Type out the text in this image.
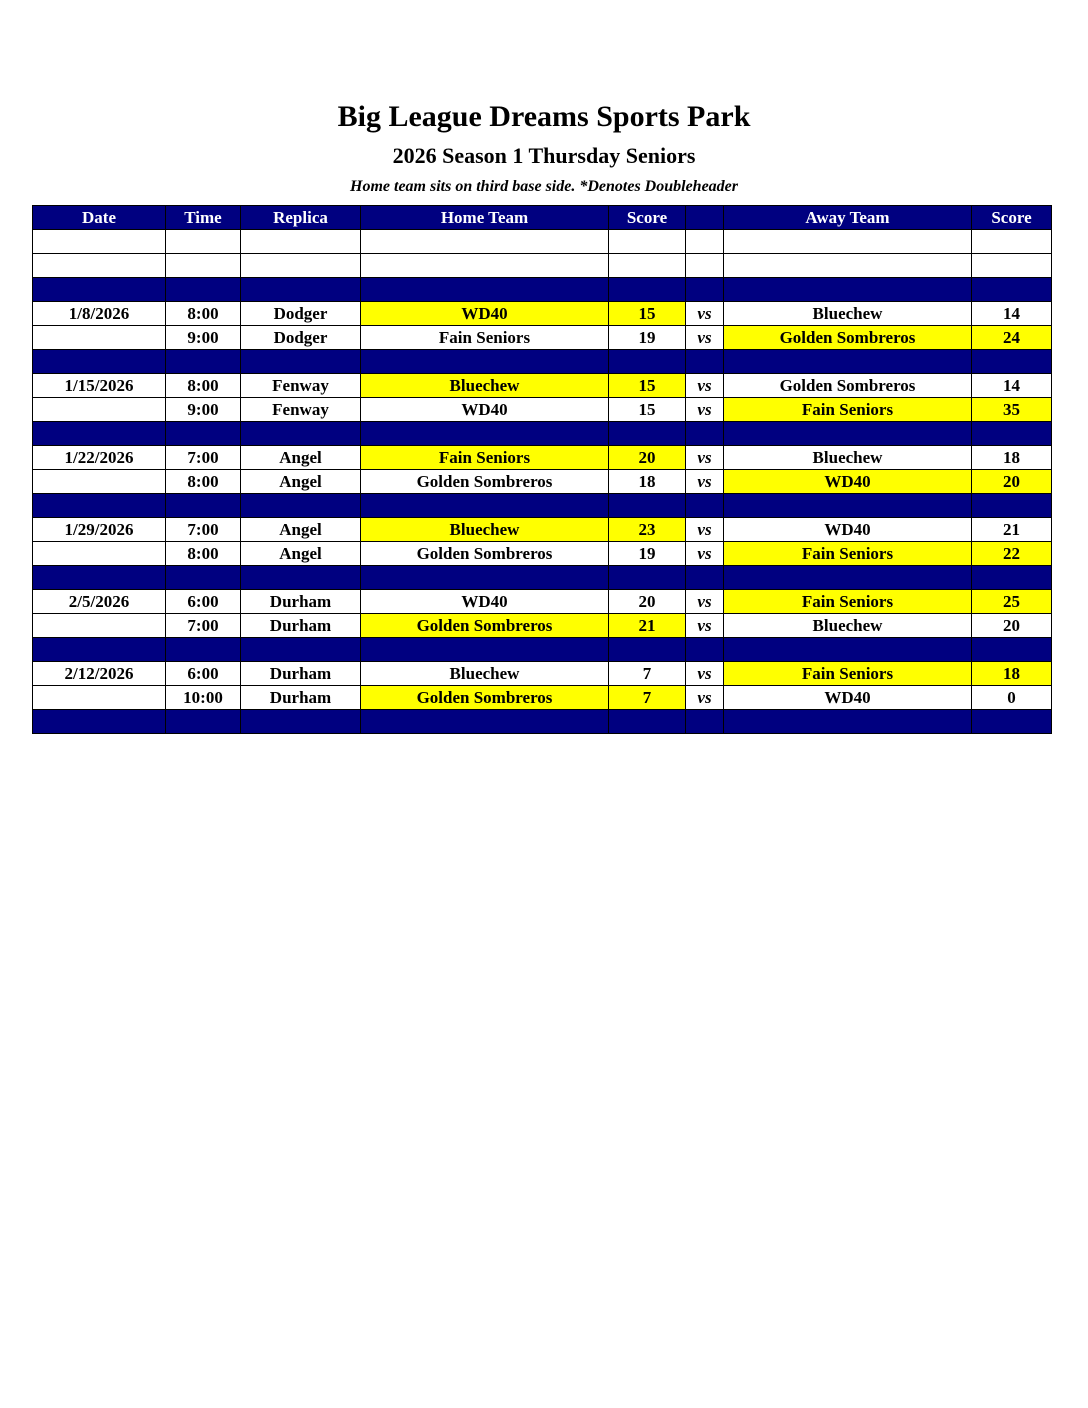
Big League Dreams Sports Park
2026 Season 1 Thursday Seniors
Home team sits on third base side. *Denotes Doubleheader
Date	Time	Replica	Home Team	Score		Away Team	Score

1/8/2026	8:00	Dodger	WD40	15	vs	Bluechew	14
	9:00	Dodger	Fain Seniors	19	vs	Golden Sombreros	24

1/15/2026	8:00	Fenway	Bluechew	15	vs	Golden Sombreros	14
	9:00	Fenway	WD40	15	vs	Fain Seniors	35

1/22/2026	7:00	Angel	Fain Seniors	20	vs	Bluechew	18
	8:00	Angel	Golden Sombreros	18	vs	WD40	20

1/29/2026	7:00	Angel	Bluechew	23	vs	WD40	21
	8:00	Angel	Golden Sombreros	19	vs	Fain Seniors	22

2/5/2026	6:00	Durham	WD40	20	vs	Fain Seniors	25
	7:00	Durham	Golden Sombreros	21	vs	Bluechew	20

2/12/2026	6:00	Durham	Bluechew	7	vs	Fain Seniors	18
	10:00	Durham	Golden Sombreros	7	vs	WD40	0
